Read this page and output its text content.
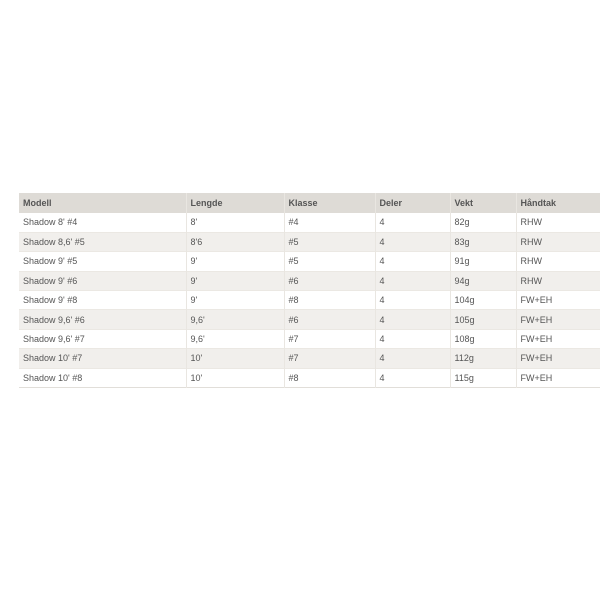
Modell	Lengde	Klasse	Deler	Vekt	Håndtak
Shadow 8' #4	8'	#4	4	82g	RHW
Shadow 8,6' #5	8'6	#5	4	83g	RHW
Shadow 9' #5	9'	#5	4	91g	RHW
Shadow 9' #6	9'	#6	4	94g	RHW
Shadow 9' #8	9'	#8	4	104g	FW+EH
Shadow 9,6' #6	9,6'	#6	4	105g	FW+EH
Shadow 9,6' #7	9,6'	#7	4	108g	FW+EH
Shadow 10' #7	10'	#7	4	112g	FW+EH
Shadow 10' #8	10'	#8	4	115g	FW+EH
